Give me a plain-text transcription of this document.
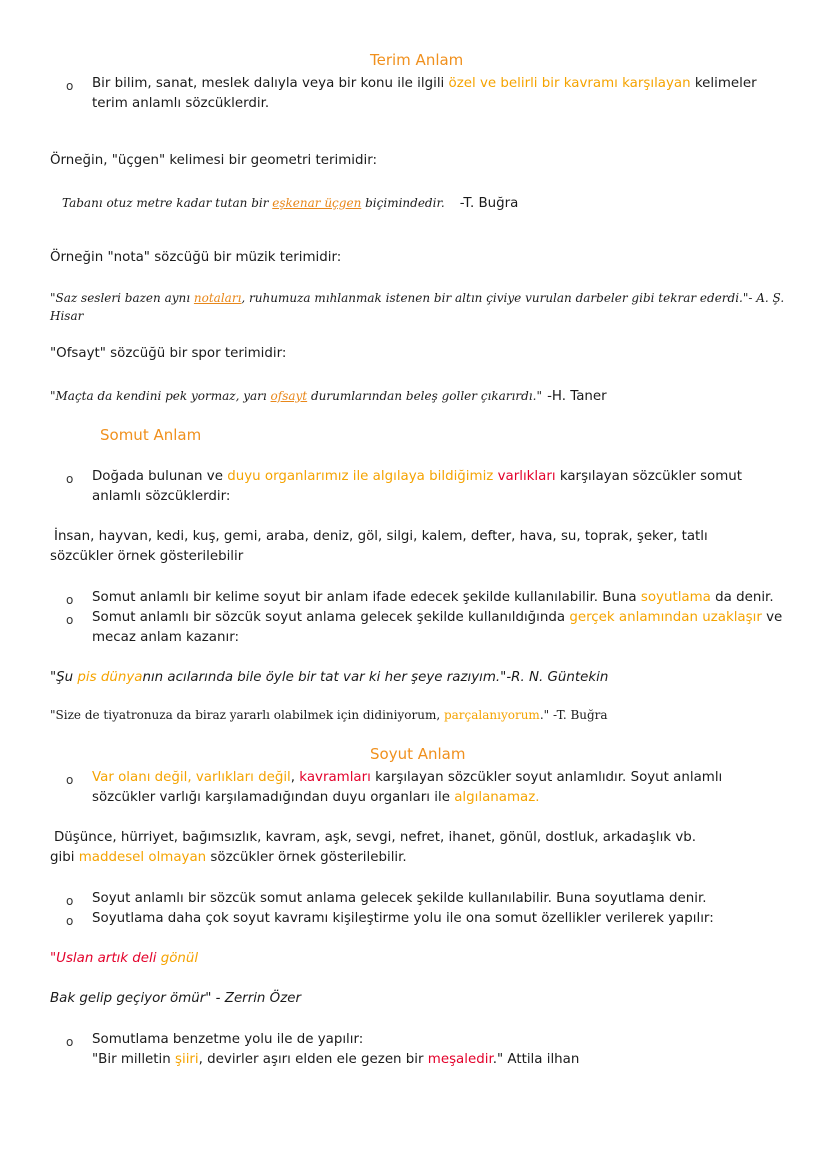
Terim Anlam
o Bir bilim, sanat, meslek dalıyla veya bir konu ile ilgili özel ve belirli bir kavramı karşılayan kelimeler
terim anlamlı sözcüklerdir.
Örneğin, "üçgen" kelimesi bir geometri terimidir:
Tabanı otuz metre kadar tutan bir eşkenar üçgen biçimindedir. -T. Buğra
Örneğin "nota" sözcüğü bir müzik terimidir:
"Saz sesleri bazen aynı notaları, ruhumuza mıhlanmak istenen bir altın çiviye vurulan darbeler gibi tekrar ederdi."- A. Ş.
Hisar
"Ofsayt" sözcüğü bir spor terimidir:
"Maçta da kendini pek yormaz, yarı ofsayt durumlarından beleş goller çıkarırdı." -H. Taner
Somut Anlam
o Doğada bulunan ve duyu organlarımız ile algılaya bildiğimiz varlıkları karşılayan sözcükler somut
anlamlı sözcüklerdir:
İnsan, hayvan, kedi, kuş, gemi, araba, deniz, göl, silgi, kalem, defter, hava, su, toprak, şeker, tatlı
sözcükler örnek gösterilebilir
o Somut anlamlı bir kelime soyut bir anlam ifade edecek şekilde kullanılabilir. Buna soyutlama da denir.
o Somut anlamlı bir sözcük soyut anlama gelecek şekilde kullanıldığında gerçek anlamından uzaklaşır ve
mecaz anlam kazanır:
"Şu pis dünyanın acılarında bile öyle bir tat var ki her şeye razıyım."-R. N. Güntekin
"Size de tiyatronuza da biraz yararlı olabilmek için didiniyorum, parçalanıyorum." -T. Buğra
Soyut Anlam
o Var olanı değil, varlıkları değil, kavramları karşılayan sözcükler soyut anlamlıdır. Soyut anlamlı
sözcükler varlığı karşılamadığından duyu organları ile algılanamaz.
Düşünce, hürriyet, bağımsızlık, kavram, aşk, sevgi, nefret, ihanet, gönül, dostluk, arkadaşlık vb.
gibi maddesel olmayan sözcükler örnek gösterilebilir.
o Soyut anlamlı bir sözcük somut anlama gelecek şekilde kullanılabilir. Buna soyutlama denir.
o Soyutlama daha çok soyut kavramı kişileştirme yolu ile ona somut özellikler verilerek yapılır:
"Uslan artık deli gönül
Bak gelip geçiyor ömür" - Zerrin Özer
o Somutlama benzetme yolu ile de yapılır:
"Bir milletin şiiri, devirler aşırı elden ele gezen bir meşaledir." Attila ilhan
